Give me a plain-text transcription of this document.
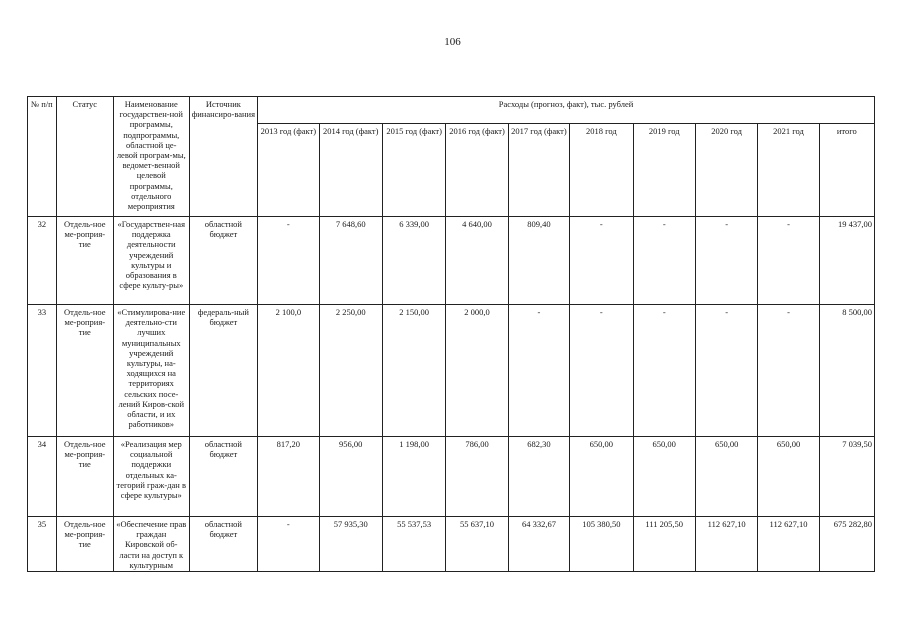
106
№ п/п	Статус	Наименование государствен-ной программы, подпрограммы, областной це-левой програм-мы, ведомет-венной целевой программы, отдельного мероприятия	Источник финансиро-вания	Расходы (прогноз, факт), тыс. рублей									
				2013 год (факт)	2014 год (факт)	2015 год (факт)	2016 год (факт)	2017 год (факт)	2018 год	2019 год	2020 год	2021 год	итого
32	Отдель-ное ме-роприя-тие	«Государствен-ная поддержка деятельности учреждений культуры и образования в сфере культу-ры»	областной бюджет	-	7 648,60	6 339,00	4 640,00	809,40	-	-	-	-	19 437,00
33	Отдель-ное ме-роприя-тие	«Стимулирова-ние деятельно-сти лучших муниципальных учреждений культуры, на-ходящихся на территориях сельских посе-лений Киров-ской области, и их работников»	федераль-ный бюджет	2 100,0	2 250,00	2 150,00	2 000,0	-	-	-	-	-	8 500,00
34	Отдель-ное ме-роприя-тие	«Реализация мер социальной поддержки отдельных ка-тегорий граж-дан в сфере культуры»	областной бюджет	817,20	956,00	1 198,00	786,00	682,30	650,00	650,00	650,00	650,00	7 039,50
35	Отдель-ное ме-роприя-тие	«Обеспечение прав граждан Кировской об-ласти на доступ к культурным	областной бюджет	-	57 935,30	55 537,53	55 637,10	64 332,67	105 380,50	111 205,50	112 627,10	112 627,10	675 282,80
